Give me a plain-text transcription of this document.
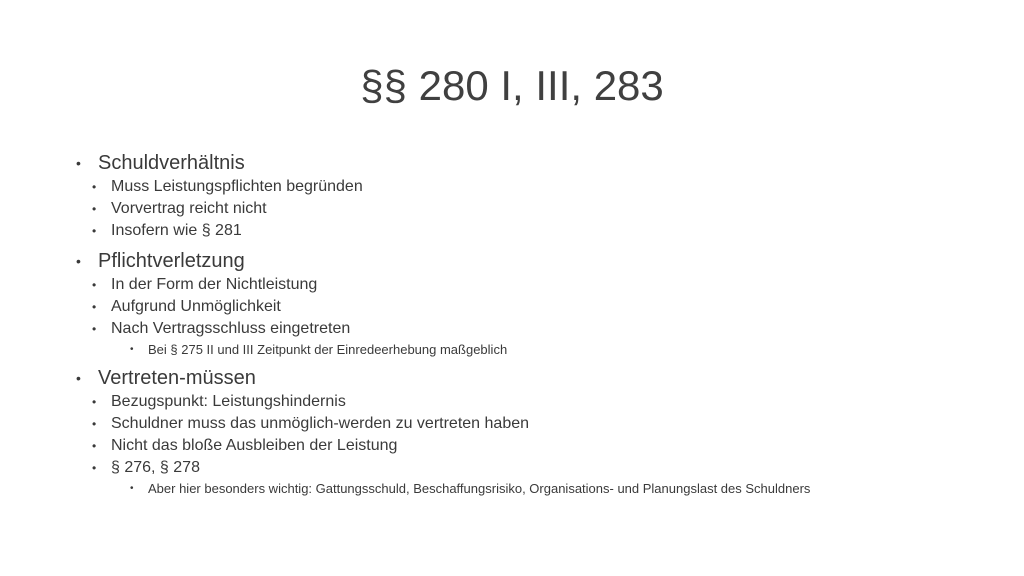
§§ 280 I, III, 283
• Schuldverhältnis
• Muss Leistungspflichten begründen
• Vorvertrag reicht nicht
• Insofern wie § 281
• Pflichtverletzung
• In der Form der Nichtleistung
• Aufgrund Unmöglichkeit
• Nach Vertragsschluss eingetreten
• Bei § 275 II und III Zeitpunkt der Einredeerhebung maßgeblich
• Vertreten-müssen
• Bezugspunkt: Leistungshindernis
• Schuldner muss das unmöglich-werden zu vertreten haben
• Nicht das bloße Ausbleiben der Leistung
• § 276, § 278
• Aber hier besonders wichtig: Gattungsschuld, Beschaffungsrisiko, Organisations- und Planungslast des Schuldners
